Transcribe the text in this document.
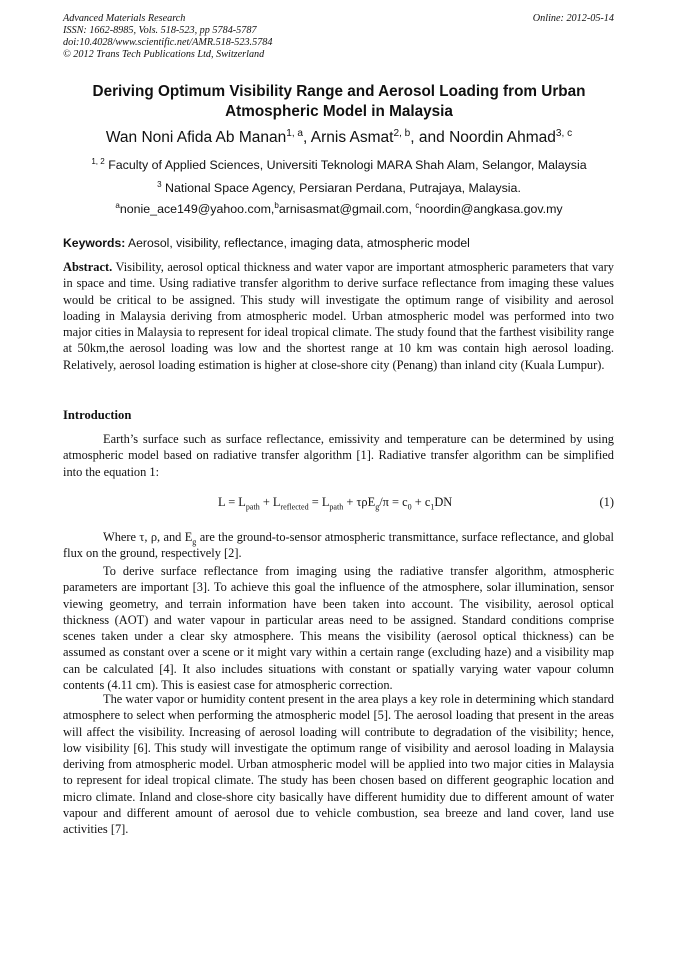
Advanced Materials Research
ISSN: 1662-8985, Vols. 518-523, pp 5784-5787
doi:10.4028/www.scientific.net/AMR.518-523.5784
© 2012 Trans Tech Publications Ltd, Switzerland
Online: 2012-05-14
Deriving Optimum Visibility Range and Aerosol Loading from Urban
Atmospheric Model in Malaysia
Wan Noni Afida Ab Manan$^{1, a}$, Arnis Asmat$^{2, b}$, and Noordin Ahmad$^{3, c}$
$^{1, 2}$ Faculty of Applied Sciences, Universiti Teknologi MARA Shah Alam, Selangor, Malaysia
$^3$ National Space Agency, Persiaran Perdana, Putrajaya, Malaysia.
$^a$nonie_ace149@yahoo.com,$^b$arnisasmat@gmail.com, $^c$noordin@angkasa.gov.my
Keywords: Aerosol, visibility, reflectance, imaging data, atmospheric model
Abstract. Visibility, aerosol optical thickness and water vapor are important atmospheric parameters that vary in space and time. Using radiative transfer algorithm to derive surface reflectance from imaging these values would be critical to be assigned. This study will investigate the optimum range of visibility and aerosol loading in Malaysia deriving from atmospheric model. Urban atmospheric model was performed into two major cities in Malaysia to represent for ideal tropical climate. The study found that the farthest visibility range at 50km,the aerosol loading was low and the shortest range at 10 km was contain high aerosol loading. Relatively, aerosol loading estimation is higher at close-shore city (Penang) than inland city (Kuala Lumpur).
Introduction
Earth’s surface such as surface reflectance, emissivity and temperature can be determined by using atmospheric model based on radiative transfer algorithm [1]. Radiative transfer algorithm can be simplified into the equation 1:
$L = L_{path} + L_{reflected} = L_{path} + \tau\rho E_g/\pi = c_0 + c_1DN$	(1)
Where τ, ρ, and $E_g$ are the ground-to-sensor atmospheric transmittance, surface reflectance, and global flux on the ground, respectively [2].
To derive surface reflectance from imaging using the radiative transfer algorithm, atmospheric parameters are important [3]. To achieve this goal the influence of the atmosphere, solar illumination, sensor viewing geometry, and terrain information have been taken into account. The visibility, aerosol optical thickness (AOT) and water vapour in particular areas need to be assigned. Standard conditions comprise scenes taken under a clear sky atmosphere. This means the visibility (aerosol optical thickness) can be assumed as constant over a scene or it might vary within a certain range (excluding haze) and a visibility map can be calculated [4]. It also includes situations with constant or spatially varying water vapour column contents (4.11 cm). This is easiest case for atmospheric correction.
The water vapor or humidity content present in the area plays a key role in determining which standard atmosphere to select when performing the atmospheric model [5]. The aerosol loading that present in the areas will affect the visibility. Increasing of aerosol loading will contribute to degradation of the visibility; hence, low visibility [6]. This study will investigate the optimum range of visibility and aerosol loading in Malaysia deriving from atmospheric model. Urban atmospheric model will be applied into two major cities in Malaysia to represent for ideal tropical climate. The study has been chosen based on different geographic location and micro climate. Inland and close-shore city basically have different humidity due to different amount of water vapour and different amount of aerosol due to vehicle combustion, sea breeze and land cover, land use activities [7].
